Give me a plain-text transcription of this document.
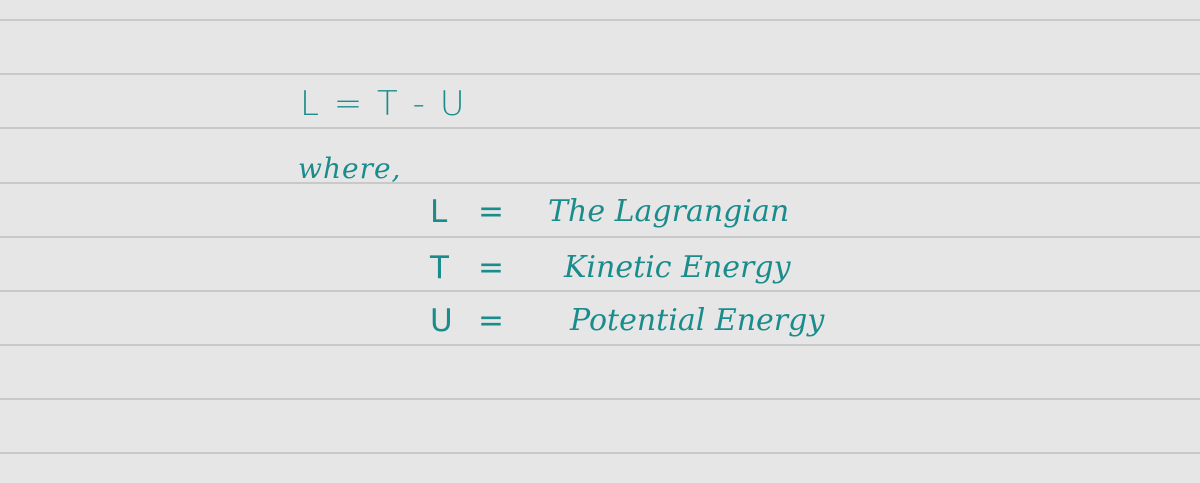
L = T - U
where,
L = The Lagrangian
T = Kinetic Energy
U = Potential Energy
